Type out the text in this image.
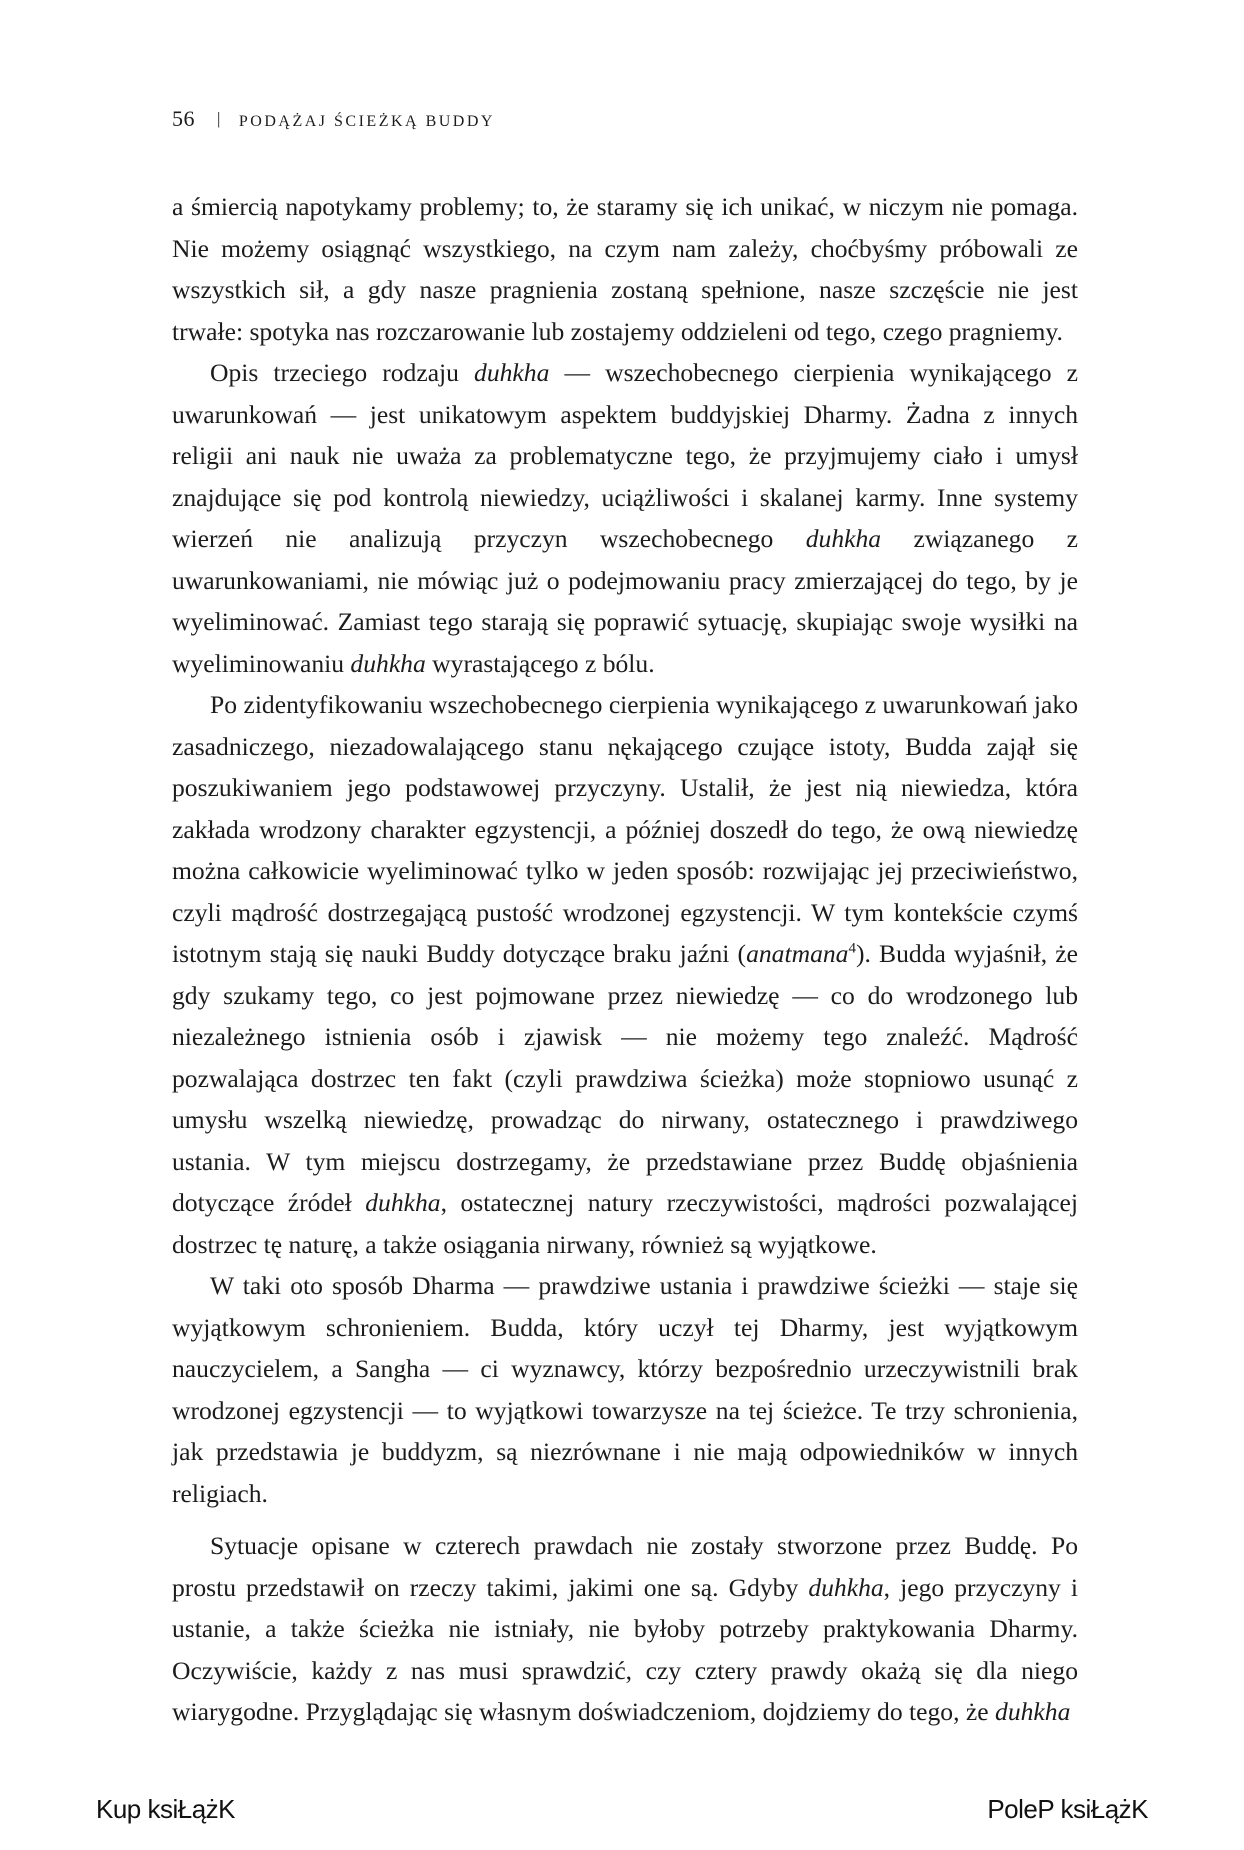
56 | PODĄŻAJ ŚCIEŻKĄ BUDDY

a śmiercią napotykamy problemy; to, że staramy się ich unikać, w niczym nie pomaga. Nie możemy osiągnąć wszystkiego, na czym nam zależy, choćbyśmy próbowali ze wszystkich sił, a gdy nasze pragnienia zostaną spełnione, nasze szczęście nie jest trwałe: spotyka nas rozczarowanie lub zostajemy oddzieleni od tego, czego pragniemy.

Opis trzeciego rodzaju duhkha — wszechobecnego cierpienia wynikającego z uwarunkowań — jest unikatowym aspektem buddyjskiej Dharmy. Żadna z innych religii ani nauk nie uważa za problematyczne tego, że przyjmujemy ciało i umysł znajdujące się pod kontrolą niewiedzy, uciążliwości i skalanej karmy. Inne systemy wierzeń nie analizują przyczyn wszechobecnego duhkha związanego z uwarunkowaniami, nie mówiąc już o podejmowaniu pracy zmierzającej do tego, by je wyeliminować. Zamiast tego starają się poprawić sytuację, skupiając swoje wysiłki na wyeliminowaniu duhkha wyrastającego z bólu.

Po zidentyfikowaniu wszechobecnego cierpienia wynikającego z uwarunkowań jako zasadniczego, niezadowalającego stanu nękającego czujące istoty, Budda zajął się poszukiwaniem jego podstawowej przyczyny. Ustalił, że jest nią niewiedza, która zakłada wrodzony charakter egzystencji, a później doszedł do tego, że ową niewiedzę można całkowicie wyeliminować tylko w jeden sposób: rozwijając jej przeciwieństwo, czyli mądrość dostrzegającą pustość wrodzonej egzystencji. W tym kontekście czymś istotnym stają się nauki Buddy dotyczące braku jaźni (anatmana$^4$). Budda wyjaśnił, że gdy szukamy tego, co jest pojmowane przez niewiedzę — co do wrodzonego lub niezależnego istnienia osób i zjawisk — nie możemy tego znaleźć. Mądrość pozwalająca dostrzec ten fakt (czyli prawdziwa ścieżka) może stopniowo usunąć z umysłu wszelką niewiedzę, prowadząc do nirwany, ostatecznego i prawdziwego ustania. W tym miejscu dostrzegamy, że przedstawiane przez Buddę objaśnienia dotyczące źródeł duhkha, ostatecznej natury rzeczywistości, mądrości pozwalającej dostrzec tę naturę, a także osiągania nirwany, również są wyjątkowe.

W taki oto sposób Dharma — prawdziwe ustania i prawdziwe ścieżki — staje się wyjątkowym schronieniem. Budda, który uczył tej Dharmy, jest wyjątkowym nauczycielem, a Sangha — ci wyznawcy, którzy bezpośrednio urzeczywistnili brak wrodzonej egzystencji — to wyjątkowi towarzysze na tej ścieżce. Te trzy schronienia, jak przedstawia je buddyzm, są niezrównane i nie mają odpowiedników w innych religiach.

Sytuacje opisane w czterech prawdach nie zostały stworzone przez Buddę. Po prostu przedstawił on rzeczy takimi, jakimi one są. Gdyby duhkha, jego przyczyny i ustanie, a także ścieżka nie istniały, nie byłoby potrzeby praktykowania Dharmy. Oczywiście, każdy z nas musi sprawdzić, czy cztery prawdy okażą się dla niego wiarygodne. Przyglądając się własnym doświadczeniom, dojdziemy do tego, że duhkha

Kup ksiŁążK	PoleP ksiŁążK
